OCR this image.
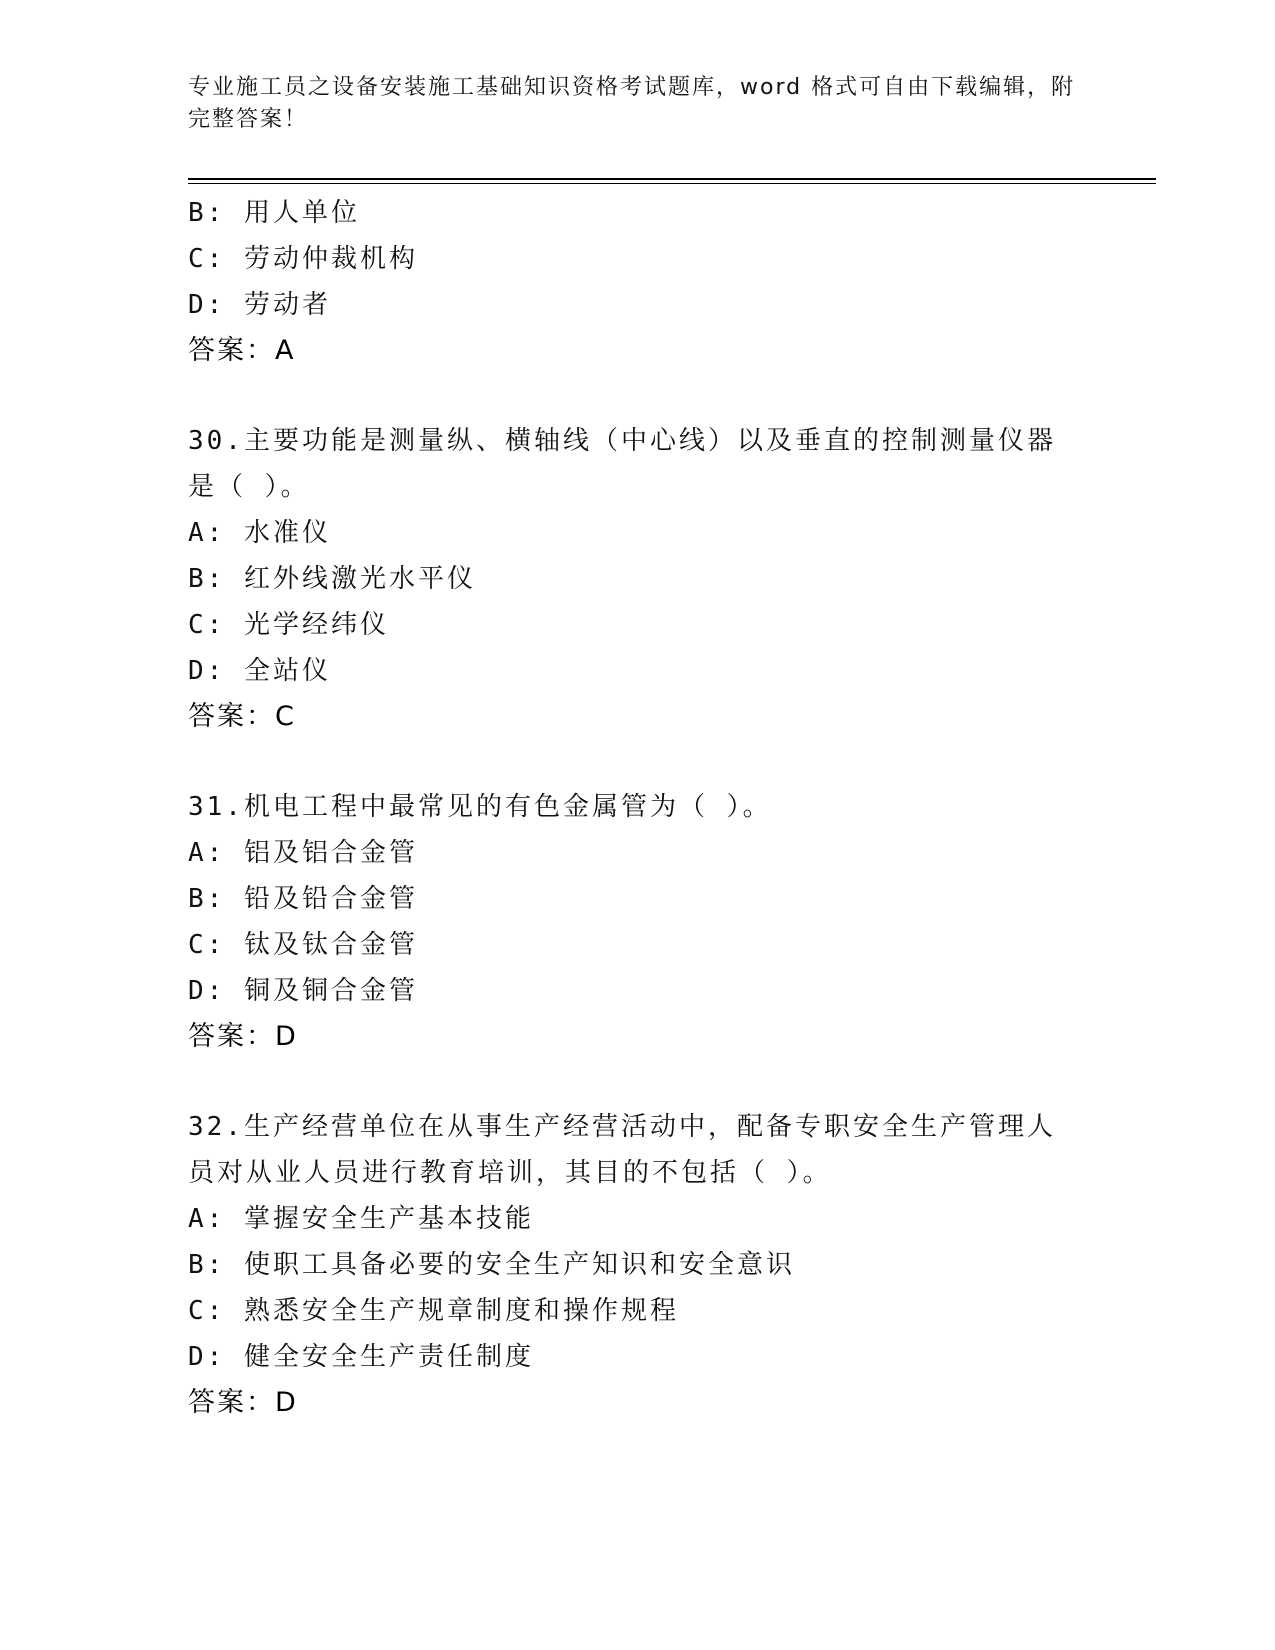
专业施工员之设备安装施工基础知识资格考试题库，word 格式可自由下载编辑，附完整答案！
B: 用人单位
C: 劳动仲裁机构
D: 劳动者
答案：A
30.主要功能是测量纵、横轴线（中心线）以及垂直的控制测量仪器是（ ）。
A: 水准仪
B: 红外线激光水平仪
C: 光学经纬仪
D: 全站仪
答案：C
31.机电工程中最常见的有色金属管为（ ）。
A: 铝及铝合金管
B: 铅及铅合金管
C: 钛及钛合金管
D: 铜及铜合金管
答案：D
32.生产经营单位在从事生产经营活动中，配备专职安全生产管理人员对从业人员进行教育培训，其目的不包括（ ）。
A: 掌握安全生产基本技能
B: 使职工具备必要的安全生产知识和安全意识
C: 熟悉安全生产规章制度和操作规程
D: 健全安全生产责任制度
答案：D
